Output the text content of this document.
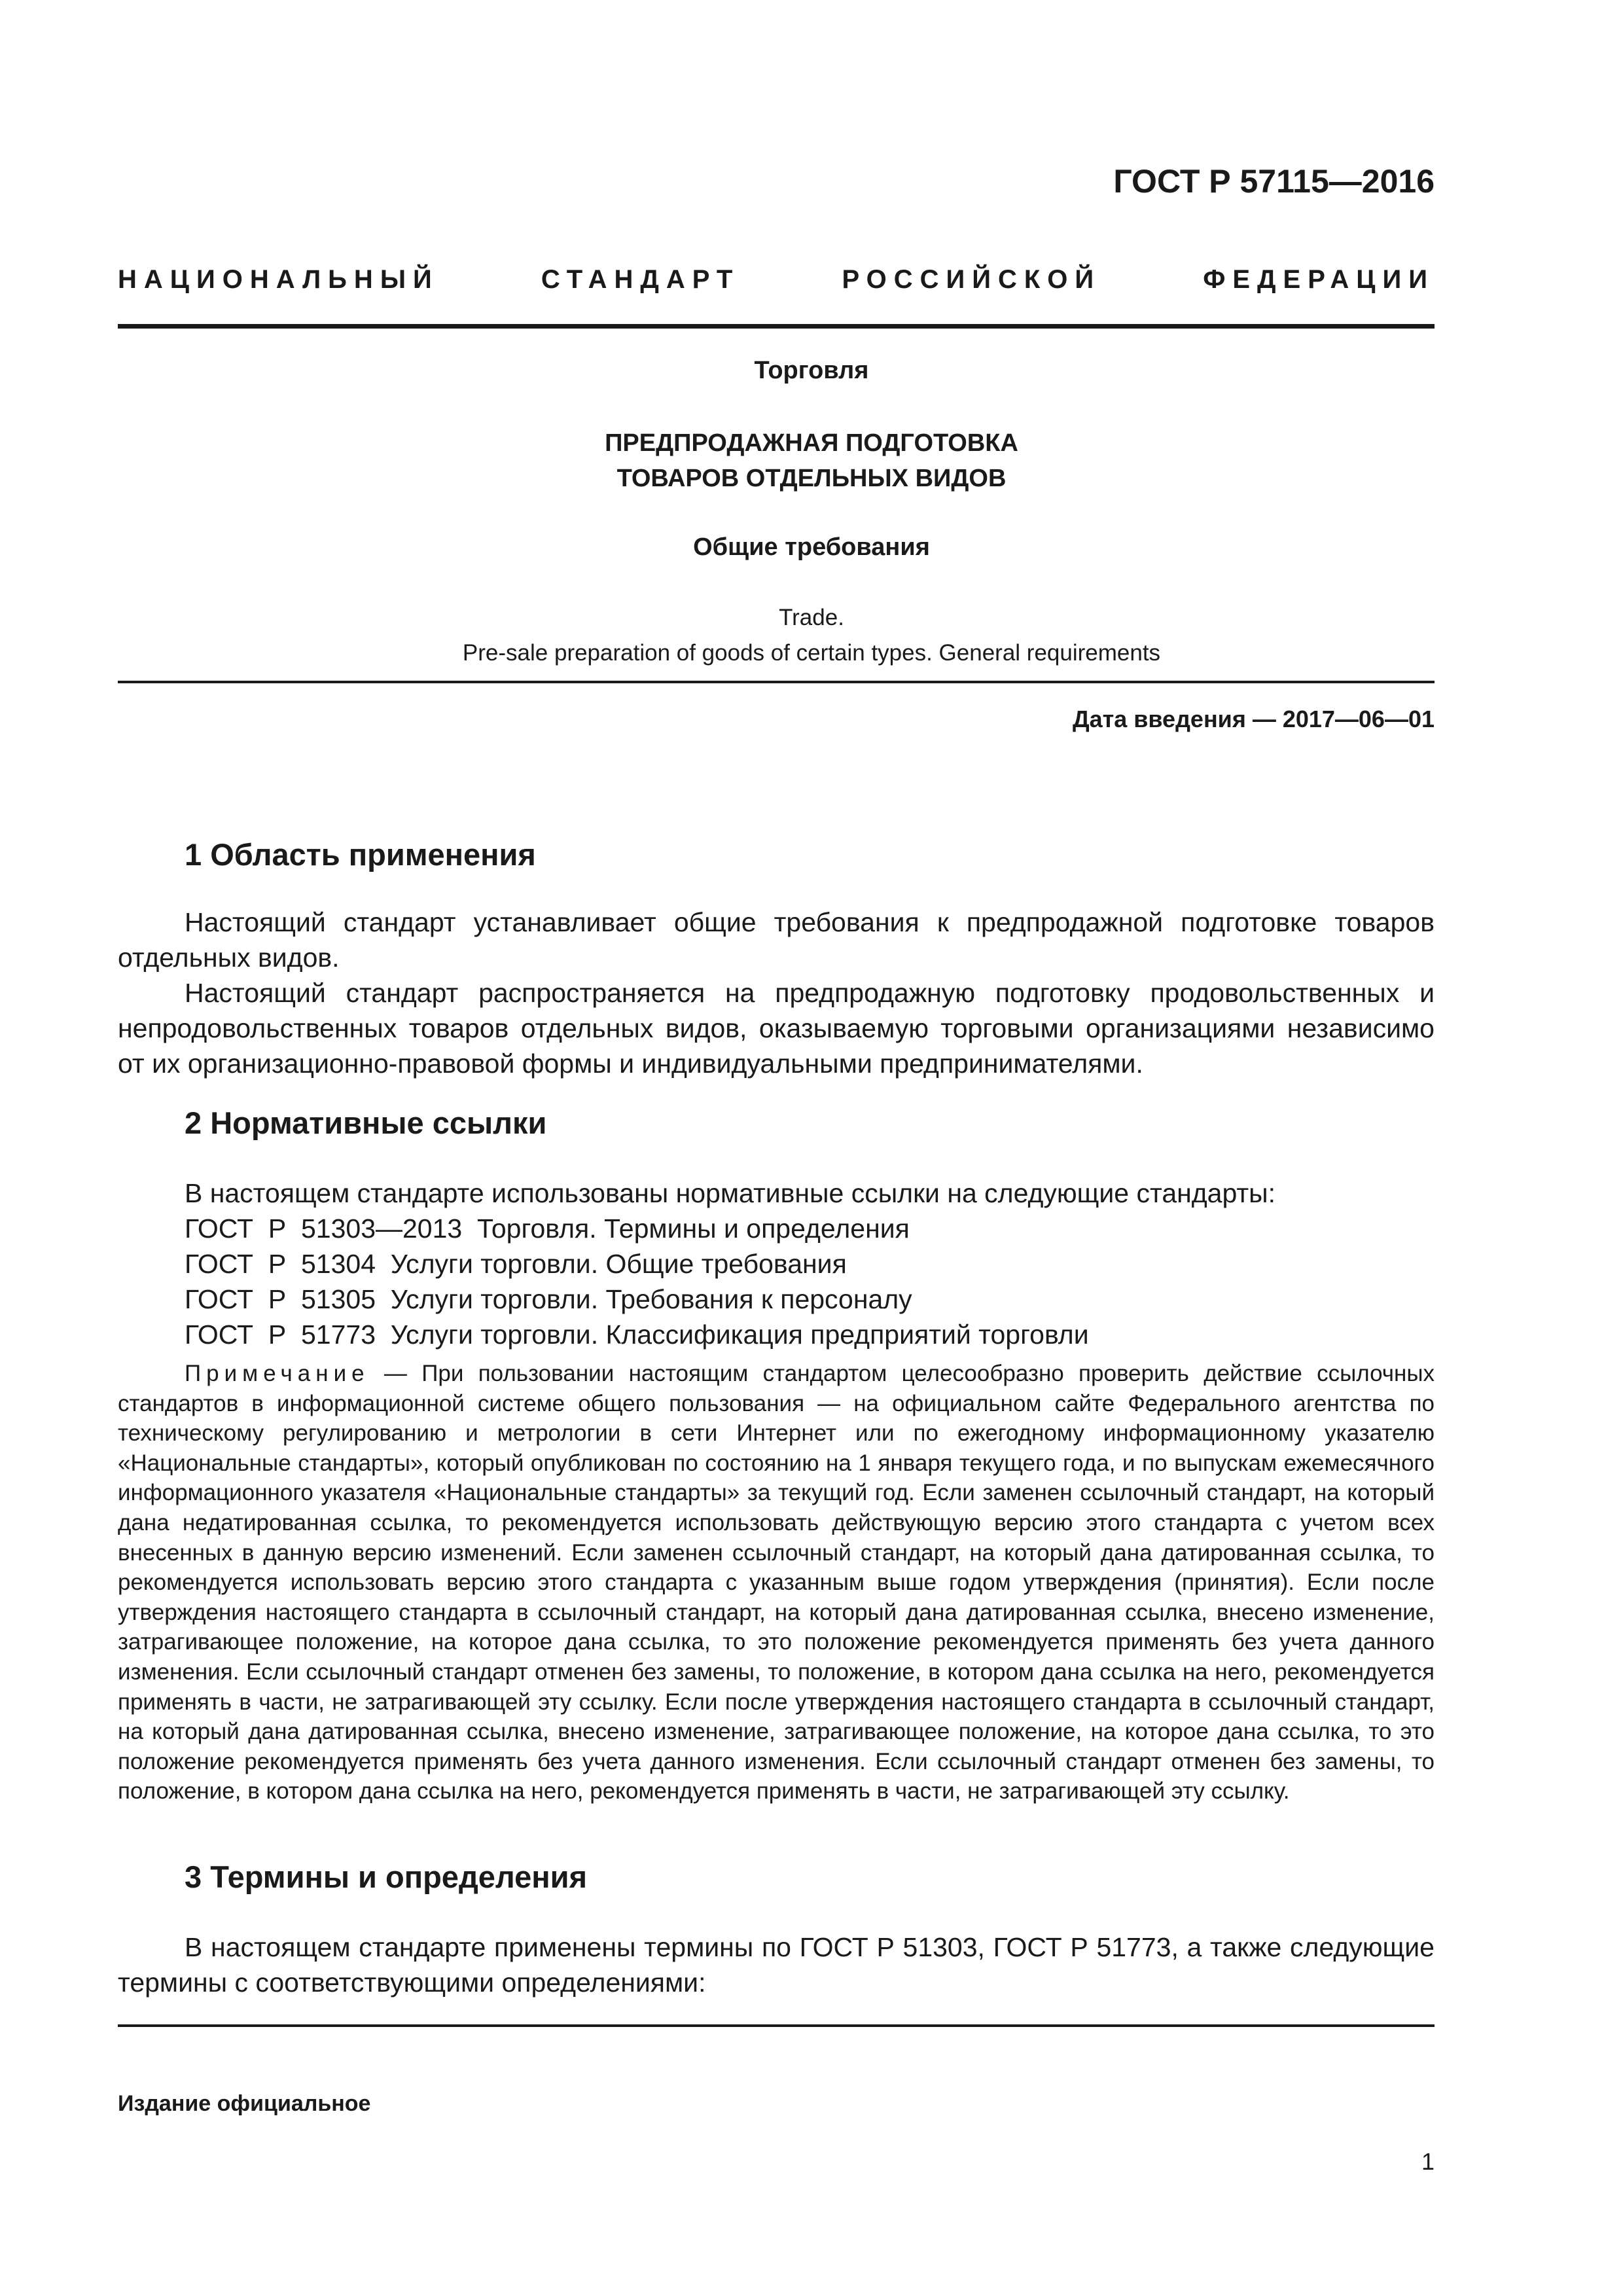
ГОСТ Р 57115—2016
НАЦИОНАЛЬНЫЙ	СТАНДАРТ	РОССИЙСКОЙ	ФЕДЕРАЦИИ
Торговля
ПРЕДПРОДАЖНАЯ ПОДГОТОВКА
ТОВАРОВ ОТДЕЛЬНЫХ ВИДОВ
Общие требования
Trade.
Pre-sale preparation of goods of certain types. General requirements
Дата введения — 2017—06—01
1 Область применения
Настоящий стандарт устанавливает общие требования к предпродажной подготовке товаров отдельных видов.
Настоящий стандарт распространяется на предпродажную подготовку продовольственных и непродовольственных товаров отдельных видов, оказываемую торговыми организациями независимо от их организационно-правовой формы и индивидуальными предпринимателями.
2 Нормативные ссылки
В настоящем стандарте использованы нормативные ссылки на следующие стандарты:
ГОСТ  Р  51303—2013  Торговля. Термины и определения
ГОСТ  Р  51304  Услуги торговли. Общие требования
ГОСТ  Р  51305  Услуги торговли. Требования к персоналу
ГОСТ  Р  51773  Услуги торговли. Классификация предприятий торговли
Примечание — При пользовании настоящим стандартом целесообразно проверить действие ссылочных стандартов в информационной системе общего пользования — на официальном сайте Федерального агентства по техническому регулированию и метрологии в сети Интернет или по ежегодному информационному указателю «Национальные стандарты», который опубликован по состоянию на 1 января текущего года, и по выпускам ежемесячного информационного указателя «Национальные стандарты» за текущий год. Если заменен ссылочный стандарт, на который дана недатированная ссылка, то рекомендуется использовать действующую версию этого стандарта с учетом всех внесенных в данную версию изменений. Если заменен ссылочный стандарт, на который дана датированная ссылка, то рекомендуется использовать версию этого стандарта с указанным выше годом утверждения (принятия). Если после утверждения настоящего стандарта в ссылочный стандарт, на который дана датированная ссылка, внесено изменение, затрагивающее положение, на которое дана ссылка, то это положение рекомендуется применять без учета данного изменения. Если ссылочный стандарт отменен без замены, то положение, в котором дана ссылка на него, рекомендуется применять в части, не затрагивающей эту ссылку. Если после утверждения настоящего стандарта в ссылочный стандарт, на который дана датированная ссылка, внесено изменение, затрагивающее положение, на которое дана ссылка, то это положение рекомендуется применять без учета данного изменения. Если ссылочный стандарт отменен без замены, то положение, в котором дана ссылка на него, рекомендуется применять в части, не затрагивающей эту ссылку.
3 Термины и определения
В настоящем стандарте применены термины по ГОСТ Р 51303, ГОСТ Р 51773, а также следующие термины с соответствующими определениями:
Издание официальное
1
